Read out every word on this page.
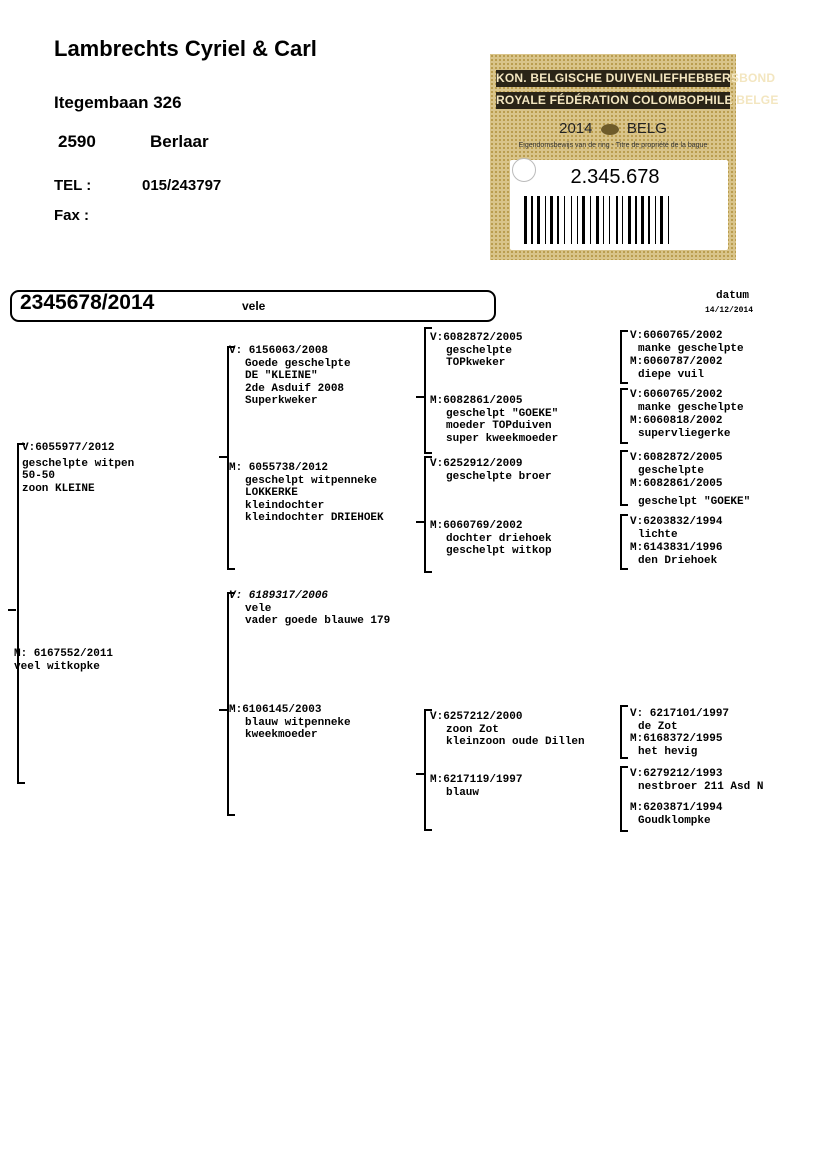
Lambrechts Cyriel & Carl
Itegembaan 326
2590	Berlaar
TEL :	015/243797
Fax :
KON. BELGISCHE DUIVENLIEFHEBBERSBOND
ROYALE FÉDÉRATION COLOMBOPHILE BELGE
2014 BELG
Eigendomsbewijs van de ring - Titre de propriété de la bague
2.345.678
2345678/2014	vele
datum
14/12/2014
V:6055977/2012
geschelpte witpen
50-50
zoon KLEINE
M: 6167552/2011
veel witkopke
V: 6156063/2008
Goede geschelpte
DE "KLEINE"
2de Asduif 2008
Superkweker
M: 6055738/2012
geschelpt witpenneke
LOKKERKE
kleindochter
kleindochter DRIEHOEK
V: 6189317/2006
vele
vader goede blauwe 179
M:6106145/2003
blauw witpenneke
kweekmoeder
V:6082872/2005
geschelpte
TOPkweker
M:6082861/2005
geschelpt "GOEKE"
moeder TOPduiven
super kweekmoeder
V:6252912/2009
geschelpte broer
M:6060769/2002
dochter driehoek
geschelpt witkop
V:6257212/2000
zoon Zot
kleinzoon oude Dillen
M:6217119/1997
blauw
V:6060765/2002
manke geschelpte
M:6060787/2002
diepe vuil
V:6060765/2002
manke geschelpte
M:6060818/2002
supervliegerke
V:6082872/2005
geschelpte
M:6082861/2005
geschelpt "GOEKE"
V:6203832/1994
lichte
M:6143831/1996
den Driehoek
V: 6217101/1997
de Zot
M:6168372/1995
het hevig
V:6279212/1993
nestbroer 211 Asd N
M:6203871/1994
Goudklompke
